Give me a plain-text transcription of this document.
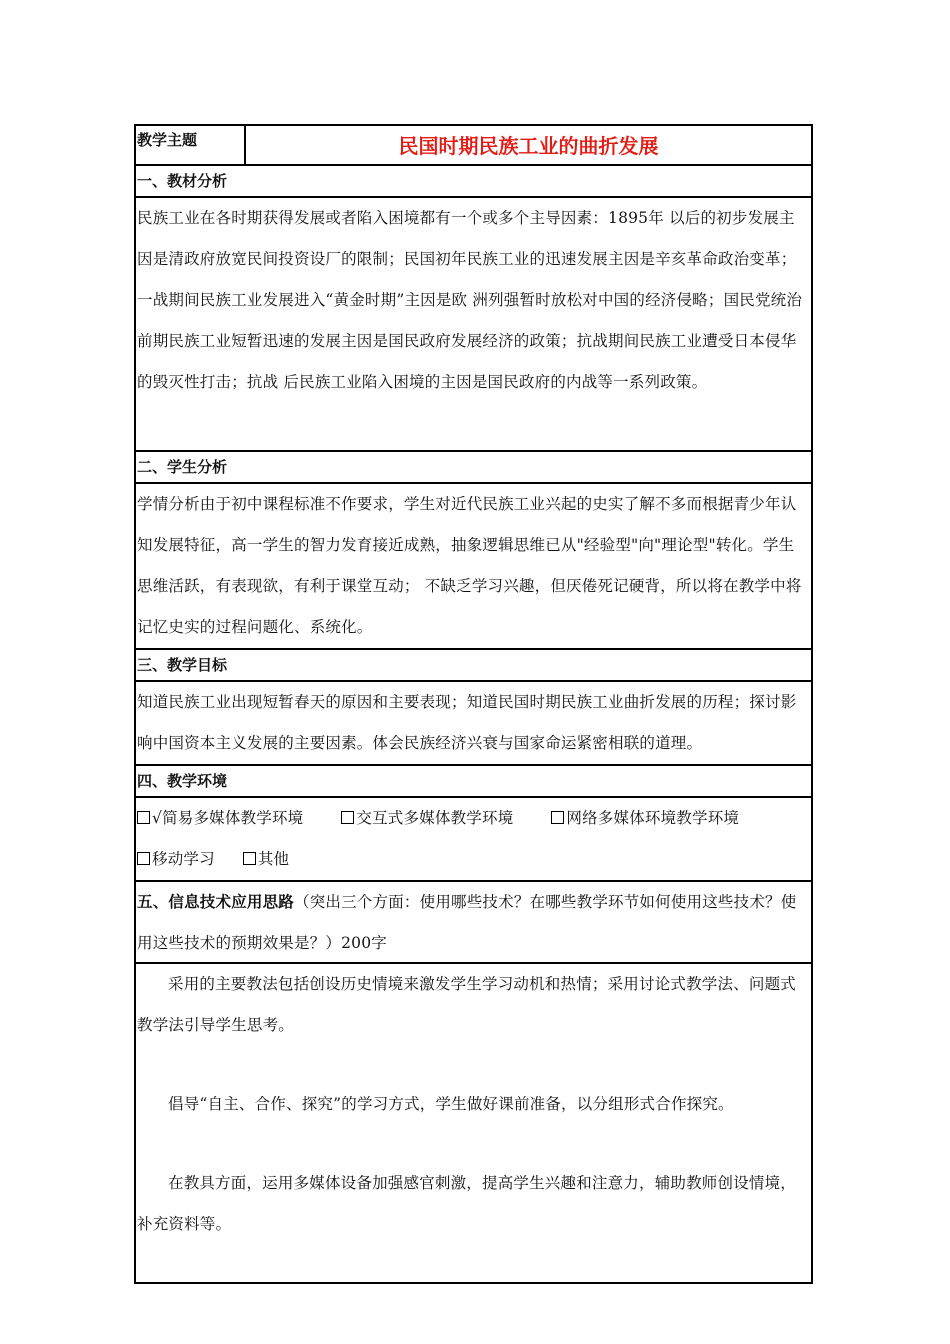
教学主题	民国时期民族工业的曲折发展
一、教材分析
民族工业在各时期获得发展或者陷入困境都有一个或多个主导因素：1895年 以后的初步发展主因是清政府放宽民间投资设厂的限制；民国初年民族工业的迅速发展主因是辛亥革命政治变革；一战期间民族工业发展进入“黄金时期”主因是欧 洲列强暂时放松对中国的经济侵略；国民党统治前期民族工业短暂迅速的发展主因是国民政府发展经济的政策；抗战期间民族工业遭受日本侵华的毁灭性打击；抗战 后民族工业陷入困境的主因是国民政府的内战等一系列政策。
二、学生分析
学情分析由于初中课程标准不作要求，学生对近代民族工业兴起的史实了解不多而根据青少年认知发展特征，高一学生的智力发育接近成熟，抽象逻辑思维已从"经验型"向"理论型"转化。学生思维活跃，有表现欲，有利于课堂互动； 不缺乏学习兴趣，但厌倦死记硬背，所以将在教学中将记忆史实的过程问题化、系统化。
三、教学目标
知道民族工业出现短暂春天的原因和主要表现；知道民国时期民族工业曲折发展的历程；探讨影响中国资本主义发展的主要因素。体会民族经济兴衰与国家命运紧密相联的道理。
四、教学环境
√简易多媒体教学环境	交互式多媒体教学环境	网络多媒体环境教学环境移动学习	其他
五、信息技术应用思路（突出三个方面：使用哪些技术？在哪些教学环节如何使用这些技术？使用这些技术的预期效果是？）200字

采用的主要教法包括创设历史情境来激发学生学习动机和热情；采用讨论式教学法、问题式教学法引导学生思考。

倡导“自主、合作、探究”的学习方式，学生做好课前准备，以分组形式合作探究。

在教具方面，运用多媒体设备加强感官刺激，提高学生兴趣和注意力，辅助教师创设情境，补充资料等。
